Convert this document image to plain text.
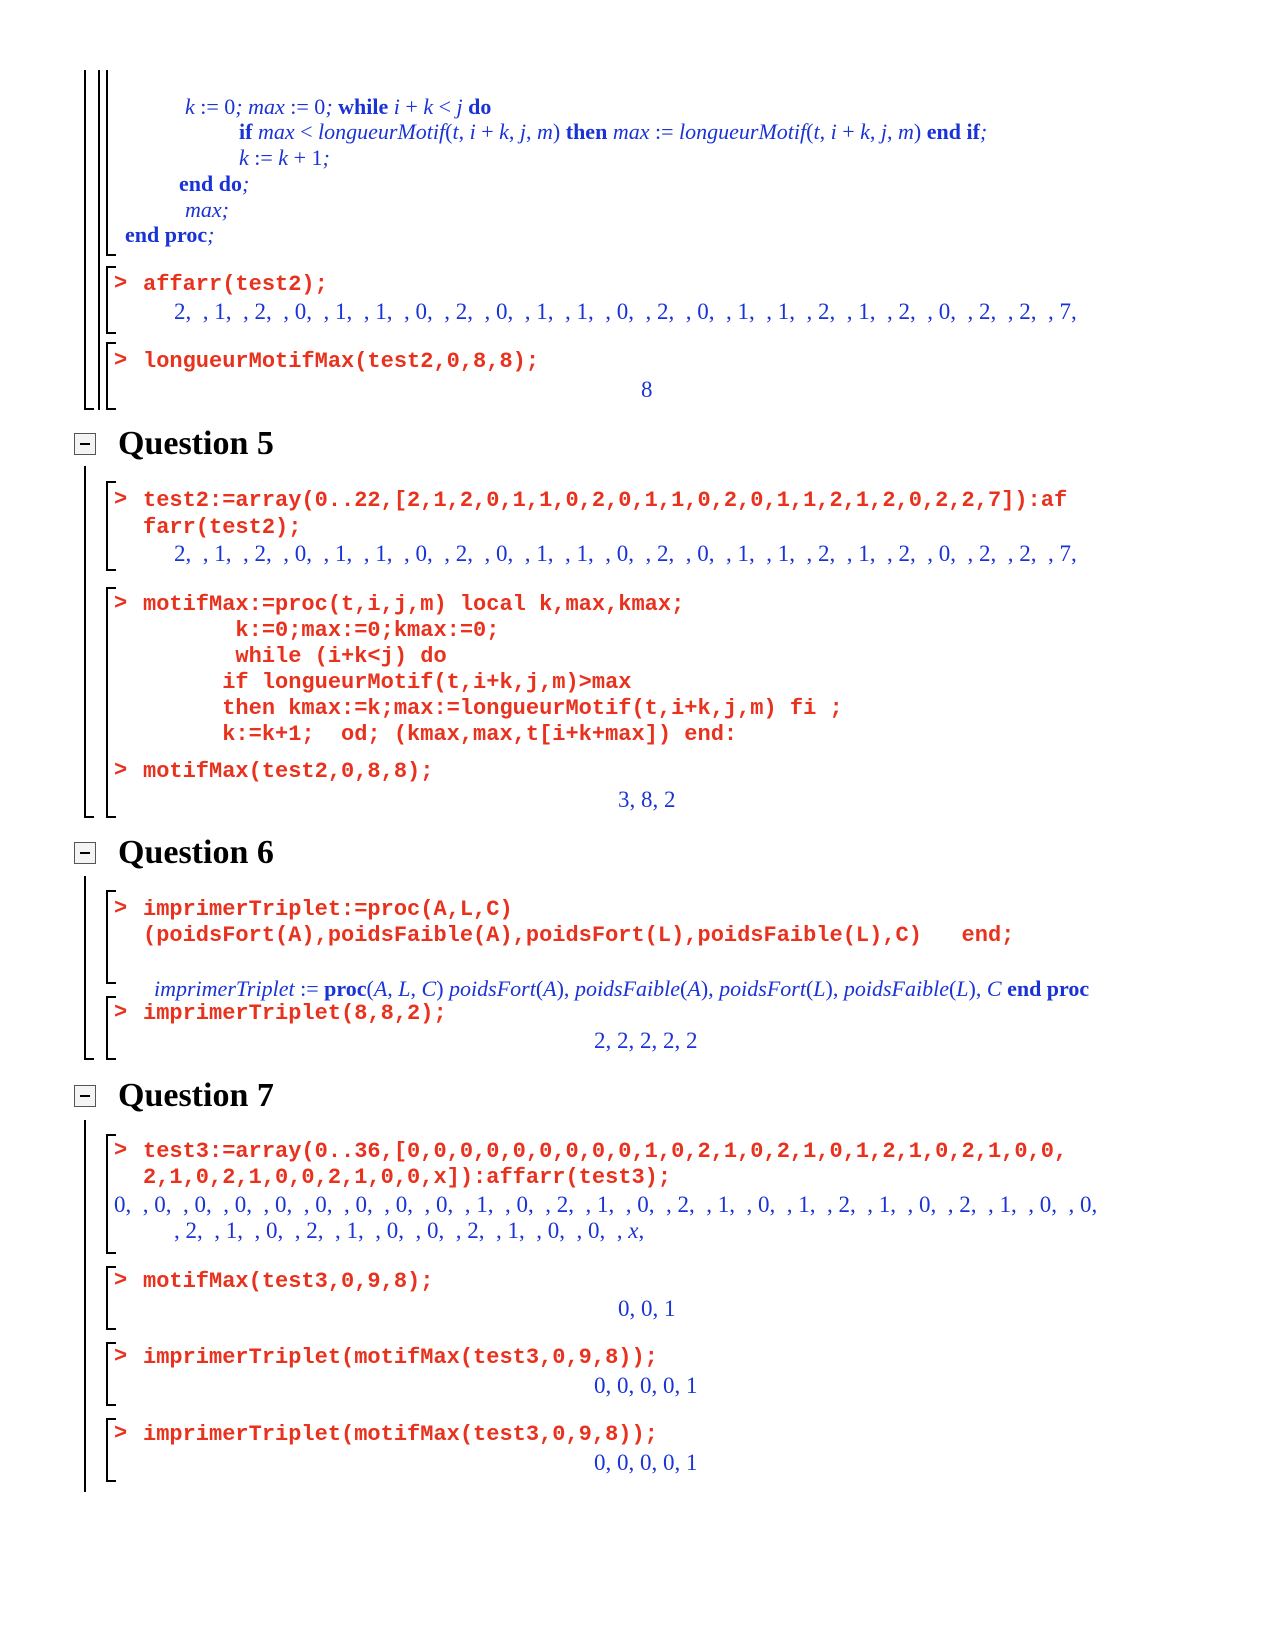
k := 0; max := 0; while i + k < j do

if max < longueurMotif(t, i + k, j, m) then max := longueurMotif(t, i + k, j, m) end if;

k := k + 1;

end do;

max;

end proc;

> affarr(test2);
2,  , 1,  , 2,  , 0,  , 1,  , 1,  , 0,  , 2,  , 0,  , 1,  , 1,  , 0,  , 2,  , 0,  , 1,  , 1,  , 2,  , 1,  , 2,  , 0,  , 2,  , 2,  , 7,
> longueurMotifMax(test2,0,8,8);
8
Question 5
> test2:=array(0..22,[2,1,2,0,1,1,0,2,0,1,1,0,2,0,1,1,2,1,2,0,2,2,7]):af
farr(test2);
2,  , 1,  , 2,  , 0,  , 1,  , 1,  , 0,  , 2,  , 0,  , 1,  , 1,  , 0,  , 2,  , 0,  , 1,  , 1,  , 2,  , 1,  , 2,  , 0,  , 2,  , 2,  , 7,
> motifMax:=proc(t,i,j,m) local k,max,kmax;
k:=0;max:=0;kmax:=0;
while (i+k<j) do
if longueurMotif(t,i+k,j,m)>max
then kmax:=k;max:=longueurMotif(t,i+k,j,m) fi ;
k:=k+1;  od; (kmax,max,t[i+k+max]) end:
> motifMax(test2,0,8,8);
3, 8, 2
Question 6
> imprimerTriplet:=proc(A,L,C)
(poidsFort(A),poidsFaible(A),poidsFort(L),poidsFaible(L),C)   end;

imprimerTriplet := proc(A, L, C) poidsFort(A), poidsFaible(A), poidsFort(L), poidsFaible(L), C end proc

> imprimerTriplet(8,8,2);
2, 2, 2, 2, 2
Question 7
> test3:=array(0..36,[0,0,0,0,0,0,0,0,0,1,0,2,1,0,2,1,0,1,2,1,0,2,1,0,0,
2,1,0,2,1,0,0,2,1,0,0,x]):affarr(test3);
0,  , 0,  , 0,  , 0,  , 0,  , 0,  , 0,  , 0,  , 0,  , 1,  , 0,  , 2,  , 1,  , 0,  , 2,  , 1,  , 0,  , 1,  , 2,  , 1,  , 0,  , 2,  , 1,  , 0,  , 0,
, 2,  , 1,  , 0,  , 2,  , 1,  , 0,  , 0,  , 2,  , 1,  , 0,  , 0,  , x,
> motifMax(test3,0,9,8);
0, 0, 1
> imprimerTriplet(motifMax(test3,0,9,8));
0, 0, 0, 0, 1
> imprimerTriplet(motifMax(test3,0,9,8));
0, 0, 0, 0, 1
